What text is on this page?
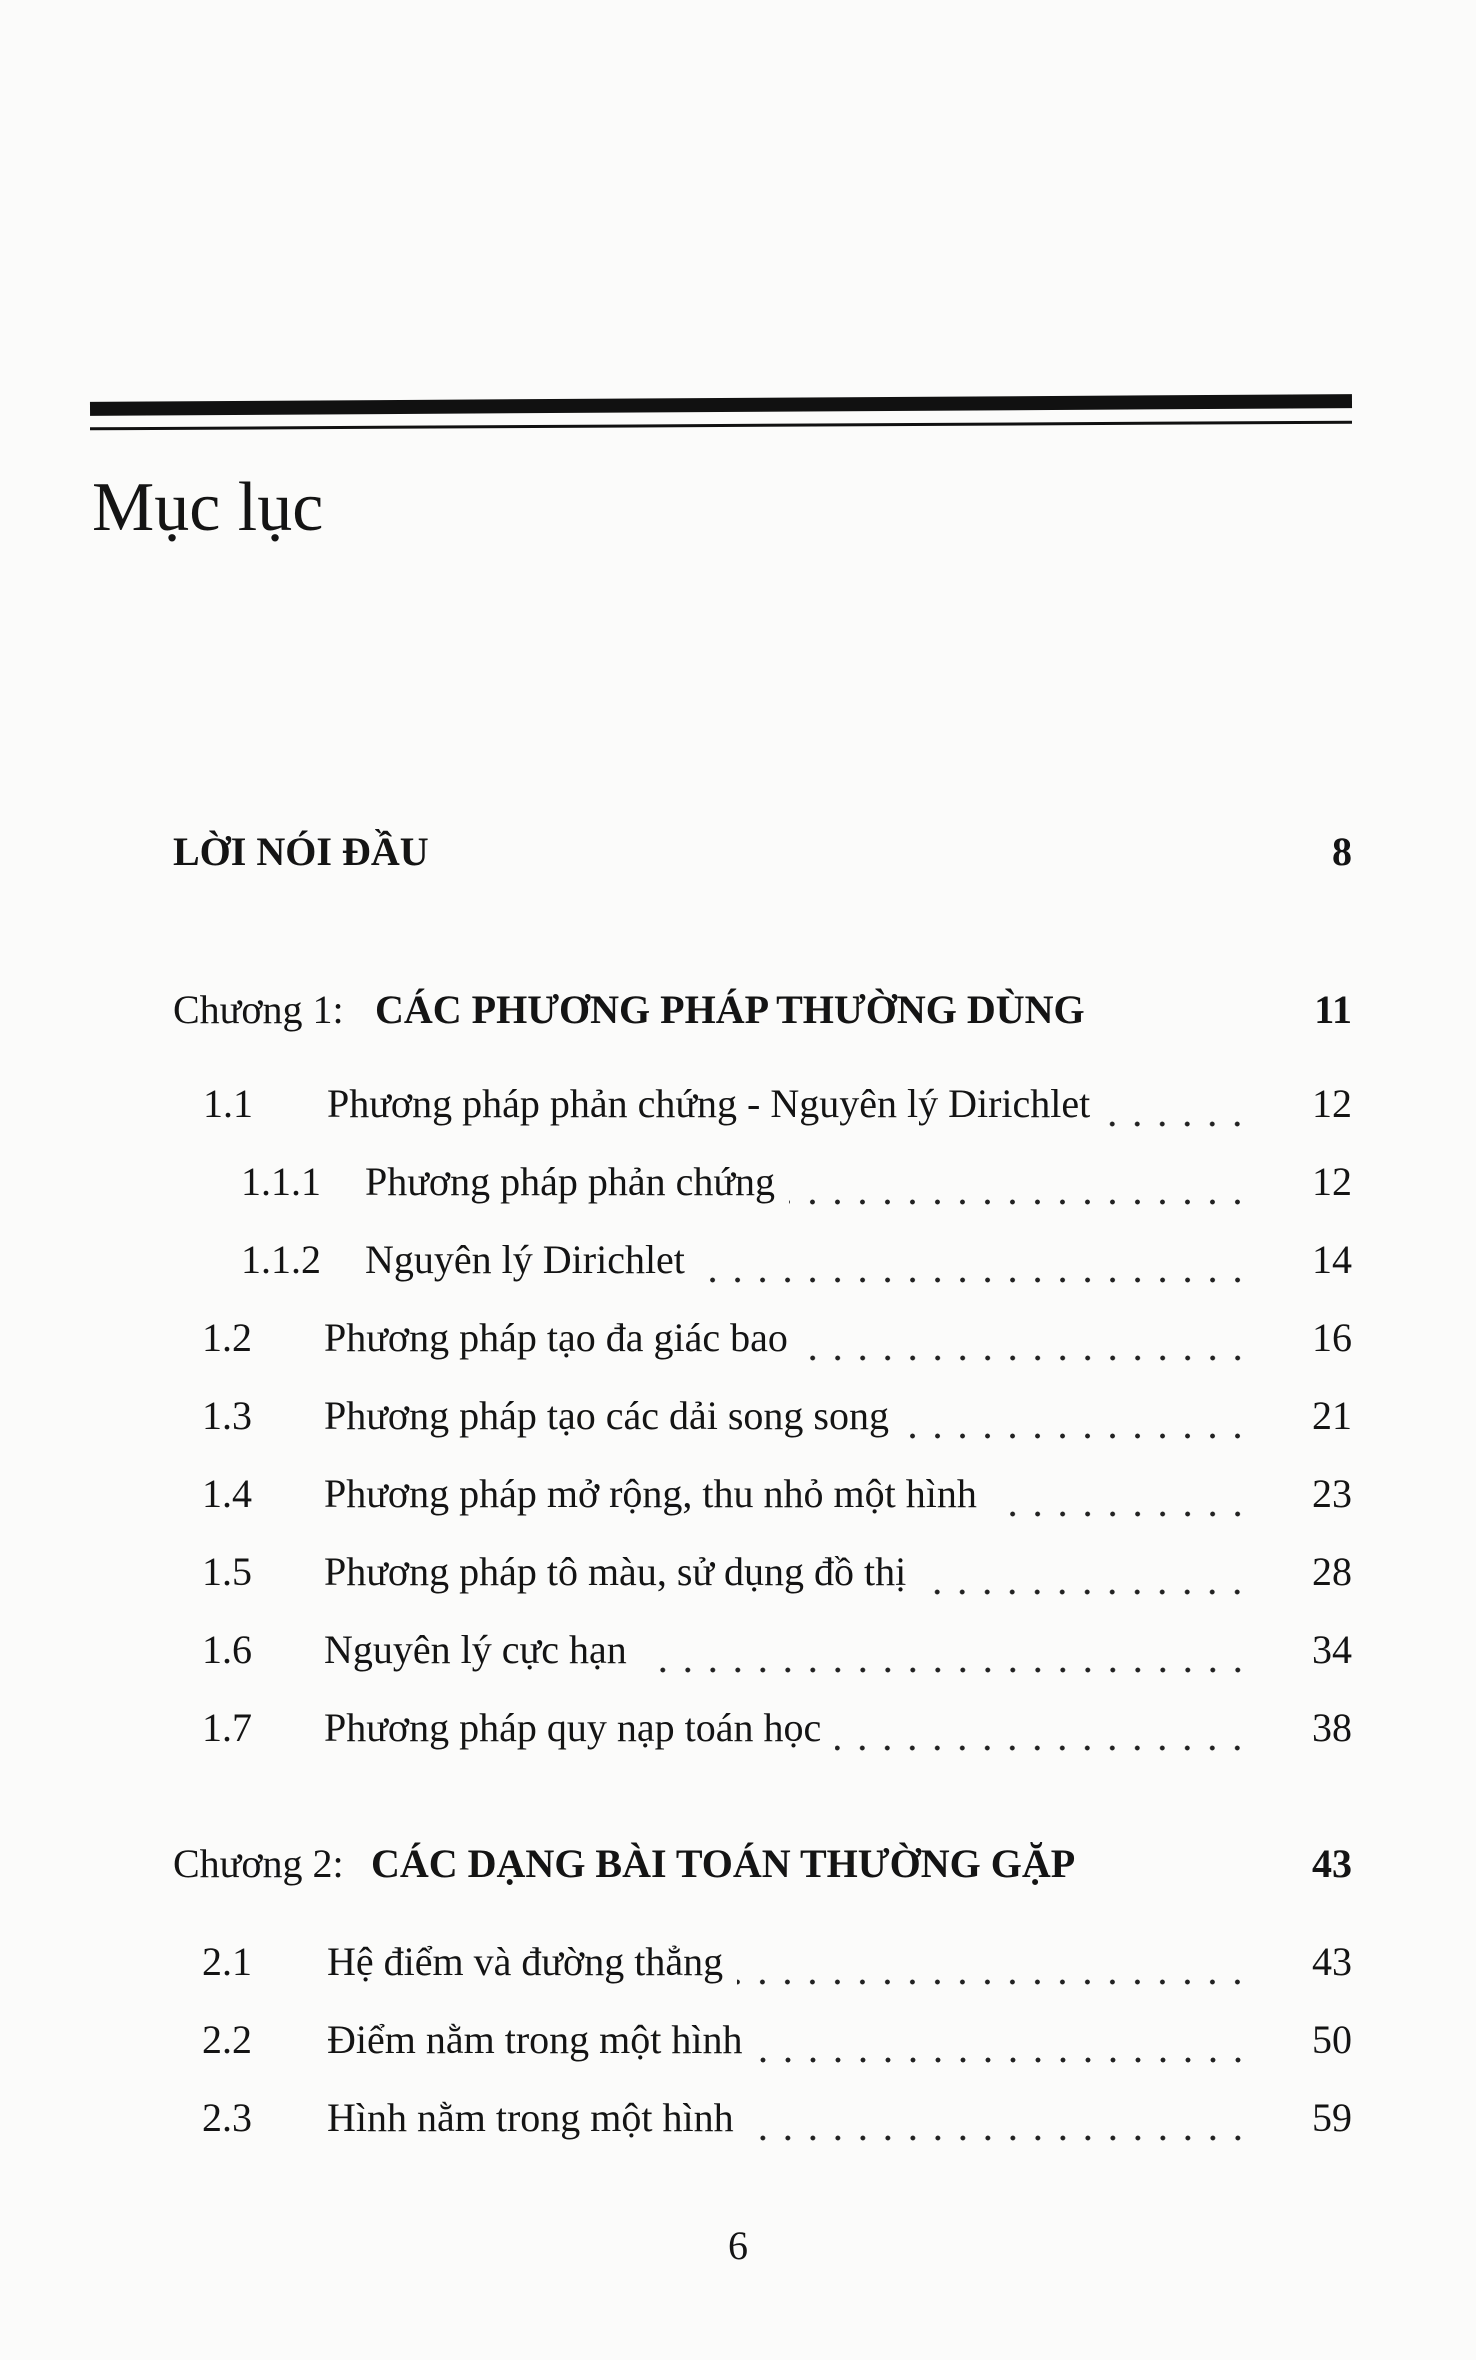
Mục lục
LỜI NÓI ĐẦU	8
Chương 1: CÁC PHƯƠNG PHÁP THƯỜNG DÙNG	11
1.1 Phương pháp phản chứng - Nguyên lý Dirichlet	12
1.1.1 Phương pháp phản chứng	12
1.1.2 Nguyên lý Dirichlet	14
1.2 Phương pháp tạo đa giác bao	16
1.3 Phương pháp tạo các dải song song	21
1.4 Phương pháp mở rộng, thu nhỏ một hình	23
1.5 Phương pháp tô màu, sử dụng đồ thị	28
1.6 Nguyên lý cực hạn	34
1.7 Phương pháp quy nạp toán học	38
Chương 2: CÁC DẠNG BÀI TOÁN THƯỜNG GẶP	43
2.1 Hệ điểm và đường thẳng	43
2.2 Điểm nằm trong một hình	50
2.3 Hình nằm trong một hình	59
6
